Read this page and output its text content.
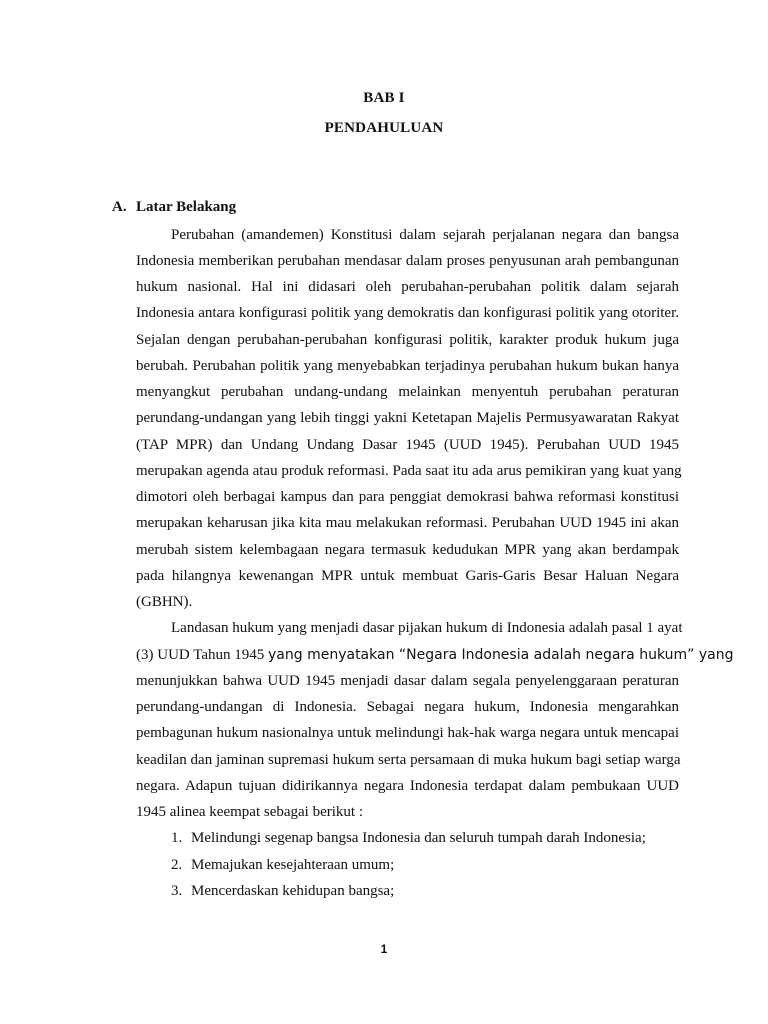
BAB I
PENDAHULUAN
A. Latar Belakang
Perubahan (amandemen) Konstitusi dalam sejarah perjalanan negara dan bangsa
Indonesia memberikan perubahan mendasar dalam proses penyusunan arah pembangunan
hukum nasional. Hal ini didasari oleh perubahan-perubahan politik dalam sejarah
Indonesia antara konfigurasi politik yang demokratis dan konfigurasi politik yang otoriter.
Sejalan dengan perubahan-perubahan konfigurasi politik, karakter produk hukum juga
berubah. Perubahan politik yang menyebabkan terjadinya perubahan hukum bukan hanya
menyangkut perubahan undang-undang melainkan menyentuh perubahan peraturan
perundang-undangan yang lebih tinggi yakni Ketetapan Majelis Permusyawaratan Rakyat
(TAP MPR) dan Undang Undang Dasar 1945 (UUD 1945). Perubahan UUD 1945
merupakan agenda atau produk reformasi. Pada saat itu ada arus pemikiran yang kuat yang
dimotori oleh berbagai kampus dan para penggiat demokrasi bahwa reformasi konstitusi
merupakan keharusan jika kita mau melakukan reformasi. Perubahan UUD 1945 ini akan
merubah sistem kelembagaan negara termasuk kedudukan MPR yang akan berdampak
pada hilangnya kewenangan MPR untuk membuat Garis-Garis Besar Haluan Negara
(GBHN).
Landasan hukum yang menjadi dasar pijakan hukum di Indonesia adalah pasal 1 ayat
(3) UUD Tahun 1945 yang menyatakan “Negara Indonesia adalah negara hukum” yang
menunjukkan bahwa UUD 1945 menjadi dasar dalam segala penyelenggaraan peraturan
perundang-undangan di Indonesia. Sebagai negara hukum, Indonesia mengarahkan
pembagunan hukum nasionalnya untuk melindungi hak-hak warga negara untuk mencapai
keadilan dan jaminan supremasi hukum serta persamaan di muka hukum bagi setiap warga
negara. Adapun tujuan didirikannya negara Indonesia terdapat dalam pembukaan UUD
1945 alinea keempat sebagai berikut :
1. Melindungi segenap bangsa Indonesia dan seluruh tumpah darah Indonesia;
2. Memajukan kesejahteraan umum;
3. Mencerdaskan kehidupan bangsa;
1
